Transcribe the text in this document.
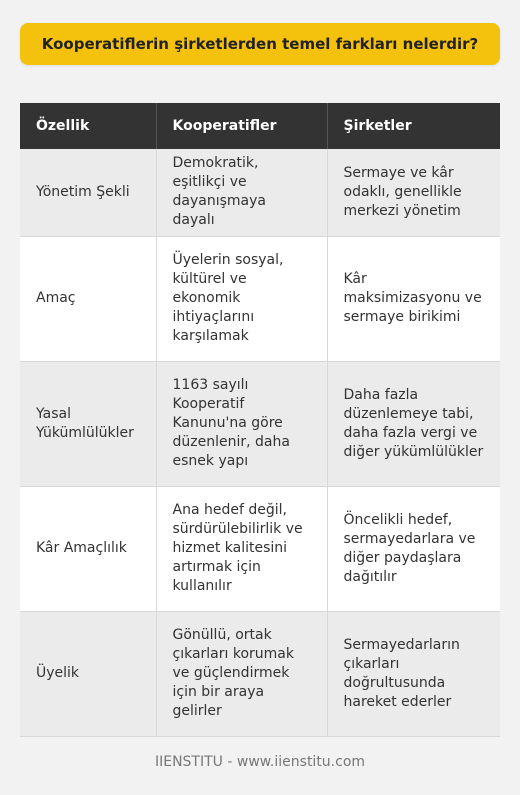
Kooperatiflerin şirketlerden temel farkları nelerdir?
Özellik	Kooperatifler	Şirketler
Yönetim Şekli	Demokratik, eşitlikçi ve dayanışmaya dayalı	Sermaye ve kâr odaklı, genellikle merkezi yönetim
Amaç	Üyelerin sosyal, kültürel ve ekonomik ihtiyaçlarını karşılamak	Kâr maksimizasyonu ve sermaye birikimi
Yasal Yükümlülükler	1163 sayılı Kooperatif Kanunu'na göre düzenlenir, daha esnek yapı	Daha fazla düzenlemeye tabi, daha fazla vergi ve diğer yükümlülükler
Kâr Amaçlılık	Ana hedef değil, sürdürülebilirlik ve hizmet kalitesini artırmak için kullanılır	Öncelikli hedef, sermayedarlara ve diğer paydaşlara dağıtılır
Üyelik	Gönüllü, ortak çıkarları korumak ve güçlendirmek için bir araya gelirler	Sermayedarların çıkarları doğrultusunda hareket ederler
IIENSTITU - www.iienstitu.com
